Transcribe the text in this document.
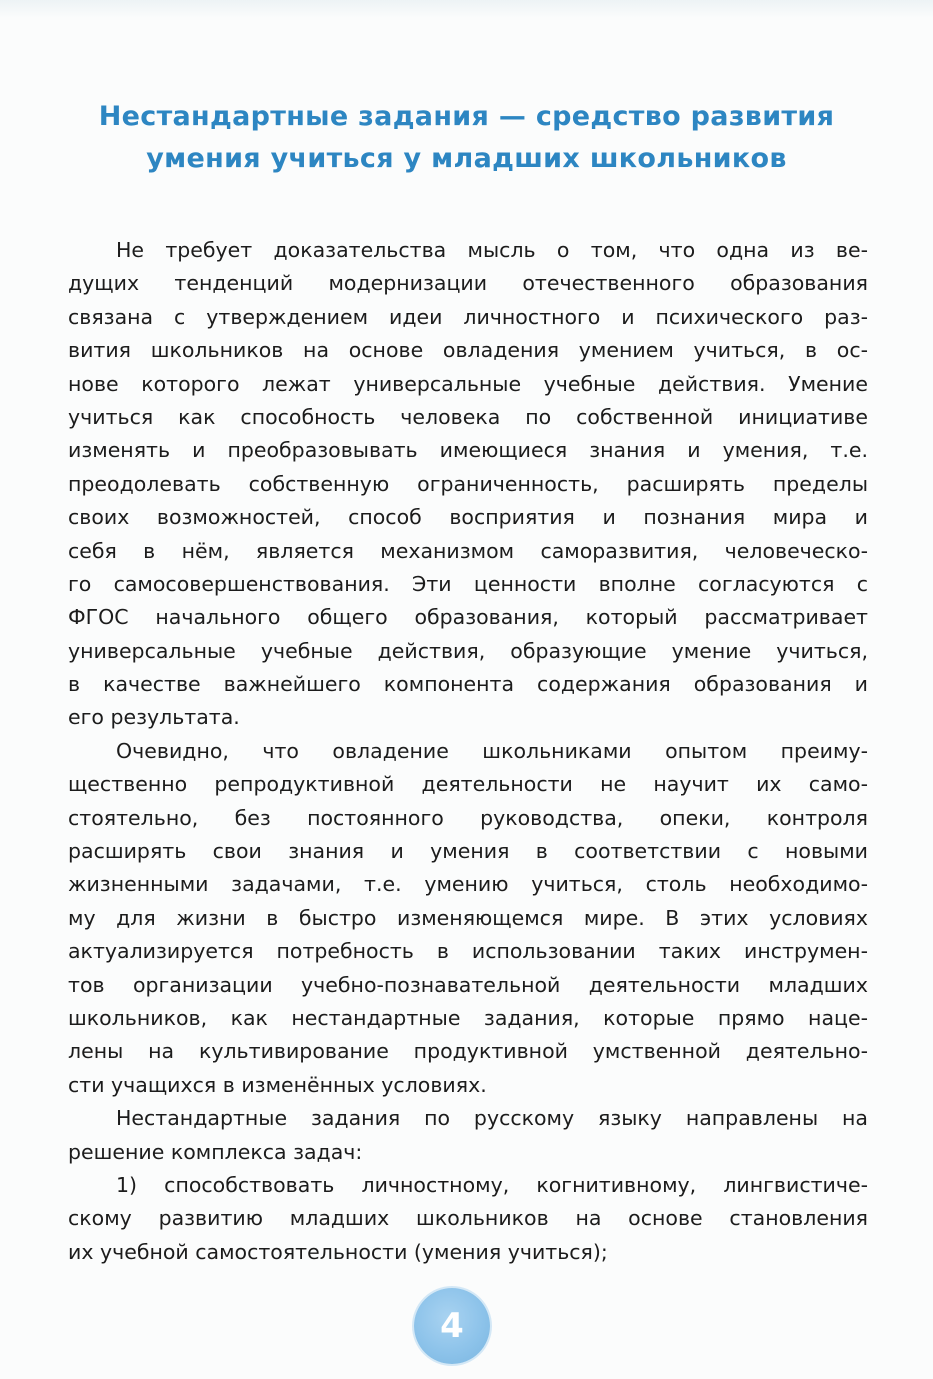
Нестандартные задания — средство развития
умения учиться у младших школьников

Не требует доказательства мысль о том, что одна из ве-
дущих тенденций модернизации отечественного образования
связана с утверждением идеи личностного и психического раз-
вития школьников на основе овладения умением учиться, в ос-
нове которого лежат универсальные учебные действия. Умение
учиться как способность человека по собственной инициативе
изменять и преобразовывать имеющиеся знания и умения, т.е.
преодолевать собственную ограниченность, расширять пределы
своих возможностей, способ восприятия и познания мира и
себя в нём, является механизмом саморазвития, человеческо-
го самосовершенствования. Эти ценности вполне согласуются с
ФГОС начального общего образования, который рассматривает
универсальные учебные действия, образующие умение учиться,
в качестве важнейшего компонента содержания образования и
его результата.

Очевидно, что овладение школьниками опытом преиму-
щественно репродуктивной деятельности не научит их само-
стоятельно, без постоянного руководства, опеки, контроля
расширять свои знания и умения в соответствии с новыми
жизненными задачами, т.е. умению учиться, столь необходимо-
му для жизни в быстро изменяющемся мире. В этих условиях
актуализируется потребность в использовании таких инструмен-
тов организации учебно-познавательной деятельности младших
школьников, как нестандартные задания, которые прямо наце-
лены на культивирование продуктивной умственной деятельно-
сти учащихся в изменённых условиях.

Нестандартные задания по русскому языку направлены на
решение комплекса задач:

1) способствовать личностному, когнитивному, лингвистиче-
скому развитию младших школьников на основе становления
их учебной самостоятельности (умения учиться);

4
